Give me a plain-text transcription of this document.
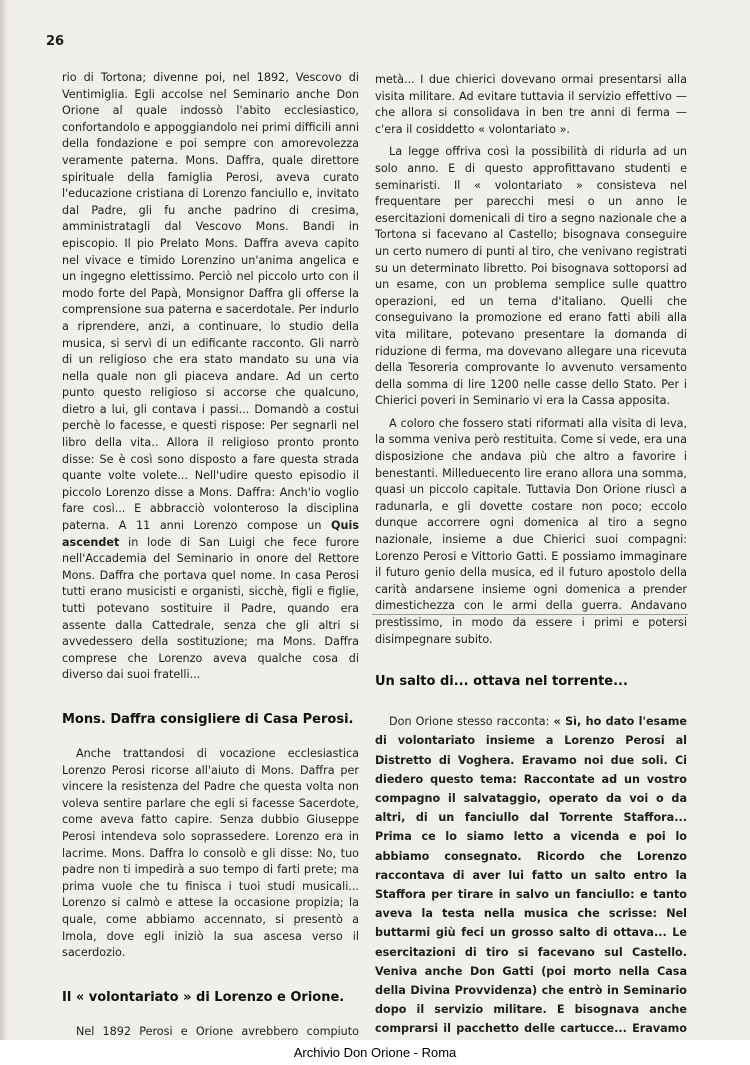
26

rio di Tortona; divenne poi, nel 1892, Vescovo di Ventimiglia. Egli accolse nel Seminario anche Don Orione al quale indossò l'abito ecclesiastico, confortandolo e appoggiandolo nei primi difficili anni della fondazione e poi sempre con amorevolezza veramente paterna. Mons. Daffra, quale direttore spirituale della famiglia Perosi, aveva curato l'educazione cristiana di Lorenzo fanciullo e, invitato dal Padre, gli fu anche padrino di cresima, amministratagli dal Vescovo Mons. Bandi in episcopio. Il pio Prelato Mons. Daffra aveva capito nel vivace e timido Lorenzino un'anima angelica e un ingegno elettissimo. Perciò nel piccolo urto con il modo forte del Papà, Monsignor Daffra gli offerse la comprensione sua paterna e sacerdotale. Per indurlo a riprendere, anzi, a continuare, lo studio della musica, si servì di un edificante racconto. Gli narrò di un religioso che era stato mandato su una via nella quale non gli piaceva andare. Ad un certo punto questo religioso si accorse che qualcuno, dietro a lui, gli contava i passi... Domandò a costui perchè lo facesse, e questi rispose: Per segnarli nel libro della vita.. Allora il religioso pronto pronto disse: Se è così sono disposto a fare questa strada quante volte volete... Nell'udire questo episodio il piccolo Lorenzo disse a Mons. Daffra: Anch'io voglio fare così... E abbracciò volonteroso la disciplina paterna. A 11 anni Lorenzo compose un Quis ascendet in lode di San Luigi che fece furore nell'Accademia del Seminario in onore del Rettore Mons. Daffra che portava quel nome. In casa Perosi tutti erano musicisti e organisti, sicchè, figli e figlie, tutti potevano sostituire il Padre, quando era assente dalla Cattedrale, senza che gli altri si avvedessero della sostituzione; ma Mons. Daffra comprese che Lorenzo aveva qualche cosa di diverso dai suoi fratelli...

Mons. Daffra consigliere di Casa Perosi.

Anche trattandosi di vocazione ecclesiastica Lorenzo Perosi ricorse all'aiuto di Mons. Daffra per vincere la resistenza del Padre che questa volta non voleva sentire parlare che egli si facesse Sacerdote, come aveva fatto capire. Senza dubbio Giuseppe Perosi intendeva solo soprassedere. Lorenzo era in lacrime. Mons. Daffra lo consolò e gli disse: No, tuo padre non ti impedirà a suo tempo di farti prete; ma prima vuole che tu finisca i tuoi studi musicali... Lorenzo si calmò e attese la occasione propizia; la quale, come abbiamo accennato, si presentò a Imola, dove egli iniziò la sua ascesa verso il sacerdozio.

Il « volontariato » di Lorenzo e Orione.

Nel 1892 Perosi e Orione avrebbero compiuto

metà... I due chierici dovevano ormai presentarsi alla visita militare. Ad evitare tuttavia il servizio effettivo — che allora si consolidava in ben tre anni di ferma — c'era il cosiddetto « volontariato ».

La legge offriva così la possibilità di ridurla ad un solo anno. E di questo approfittavano studenti e seminaristi. Il « volontariato » consisteva nel frequentare per parecchi mesi o un anno le esercitazioni domenicali di tiro a segno nazionale che a Tortona si facevano al Castello; bisognava conseguire un certo numero di punti al tiro, che venivano registrati su un determinato libretto. Poi bisognava sottoporsi ad un esame, con un problema semplice sulle quattro operazioni, ed un tema d'italiano. Quelli che conseguivano la promozione ed erano fatti abili alla vita militare, potevano presentare la domanda di riduzione di ferma, ma dovevano allegare una ricevuta della Tesoreria comprovante lo avvenuto versamento della somma di lire 1200 nelle casse dello Stato. Per i Chierici poveri in Seminario vi era la Cassa apposita.

A coloro che fossero stati riformati alla visita di leva, la somma veniva però restituita. Come si vede, era una disposizione che andava più che altro a favorire i benestanti. Milleduecento lire erano allora una somma, quasi un piccolo capitale. Tuttavia Don Orione riuscì a radunarla, e gli dovette costare non poco; eccolo dunque accorrere ogni domenica al tiro a segno nazionale, insieme a due Chierici suoi compagni: Lorenzo Perosi e Vittorio Gatti. E possiamo immaginare il futuro genio della musica, ed il futuro apostolo della carità andarsene insieme ogni domenica a prender dimestichezza con le armi della guerra. Andavano prestissimo, in modo da essere i primi e potersi disimpegnare subito.

Un salto di... ottava nel torrente...

Don Orione stesso racconta: « Sì, ho dato l'esame di volontariato insieme a Lorenzo Perosi al Distretto di Voghera. Eravamo noi due soli. Ci diedero questo tema: Raccontate ad un vostro compagno il salvataggio, operato da voi o da altri, di un fanciullo dal Torrente Staffora... Prima ce lo siamo letto a vicenda e poi lo abbiamo consegnato. Ricordo che Lorenzo raccontava di aver lui fatto un salto entro la Staffora per tirare in salvo un fanciullo: e tanto aveva la testa nella musica che scrisse: Nel buttarmi giù feci un grosso salto di ottava... Le esercitazioni di tiro si facevano sul Castello. Veniva anche Don Gatti (poi morto nella Casa della Divina Provvidenza) che entrò in Seminario dopo il servizio militare. E bisognava anche comprarsi il pacchetto delle cartucce... Eravamo

Archivio Don Orione - Roma
